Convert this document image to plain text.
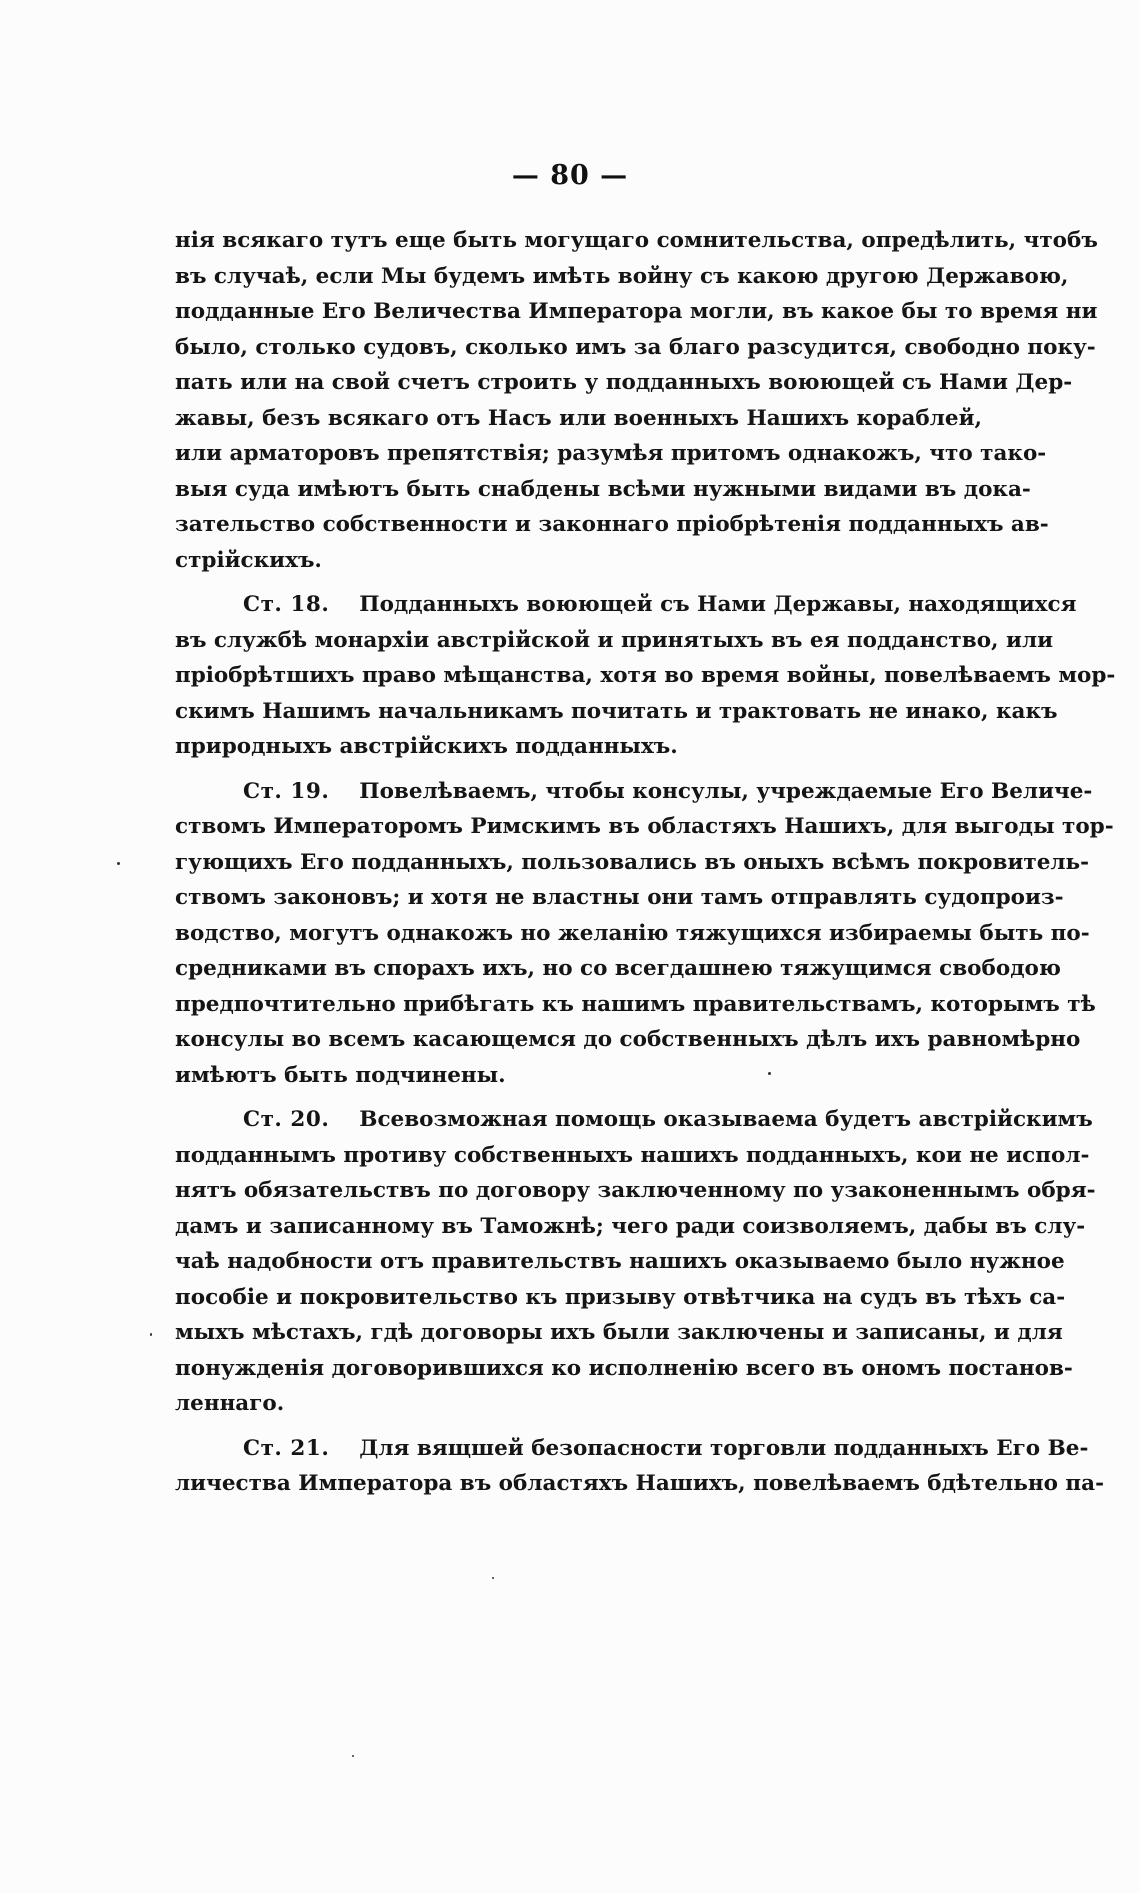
— 80 —
нія всякаго тутъ еще быть могущаго сомнительства, опредѣлить, чтобъ
въ случаѣ, если Мы будемъ имѣть войну съ какою другою Державою,
подданные Его Величества Императора могли, въ какое бы то время ни
было, столько судовъ, сколько имъ за благо разсудится, свободно поку-
пать или на свой счетъ строить у подданныхъ воюющей съ Нами Дер-
жавы, безъ всякаго отъ Насъ или военныхъ Нашихъ кораблей,
или арматоровъ препятствія; разумѣя притомъ однакожъ, что тако-
выя суда имѣютъ быть снабдены всѣми нужными видами въ дока-
зательство собственности и законнаго пріобрѣтенія подданныхъ ав-
стрійскихъ.
Ст. 18. Подданныхъ воюющей съ Нами Державы, находящихся
въ службѣ монархіи австрійской и принятыхъ въ ея подданство, или
пріобрѣтшихъ право мѣщанства, хотя во время войны, повелѣваемъ мор-
скимъ Нашимъ начальникамъ почитать и трактовать не инако, какъ
природныхъ австрійскихъ подданныхъ.
Ст. 19. Повелѣваемъ, чтобы консулы, учреждаемые Его Величе-
ствомъ Императоромъ Римскимъ въ областяхъ Нашихъ, для выгоды тор-
гующихъ Его подданныхъ, пользовались въ оныхъ всѣмъ покровитель-
ствомъ законовъ; и хотя не властны они тамъ отправлять судопроиз-
водство, могутъ однакожъ но желанію тяжущихся избираемы быть по-
средниками въ спорахъ ихъ, но со всегдашнею тяжущимся свободою
предпочтительно прибѣгать къ нашимъ правительствамъ, которымъ тѣ
консулы во всемъ касающемся до собственныхъ дѣлъ ихъ равномѣрно
имѣютъ быть подчинены.
Ст. 20. Всевозможная помощь оказываема будетъ австрійскимъ
подданнымъ противу собственныхъ нашихъ подданныхъ, кои не испол-
нятъ обязательствъ по договору заключенному по узаконеннымъ обря-
дамъ и записанному въ Таможнѣ; чего ради соизволяемъ, дабы въ слу-
чаѣ надобности отъ правительствъ нашихъ оказываемо было нужное
пособіе и покровительство къ призыву отвѣтчика на судъ въ тѣхъ са-
мыхъ мѣстахъ, гдѣ договоры ихъ были заключены и записаны, и для
понужденія договорившихся ко исполненію всего въ ономъ постанов-
леннаго.
Ст. 21. Для вящшей безопасности торговли подданныхъ Его Ве-
личества Императора въ областяхъ Нашихъ, повелѣваемъ бдѣтельно па-
